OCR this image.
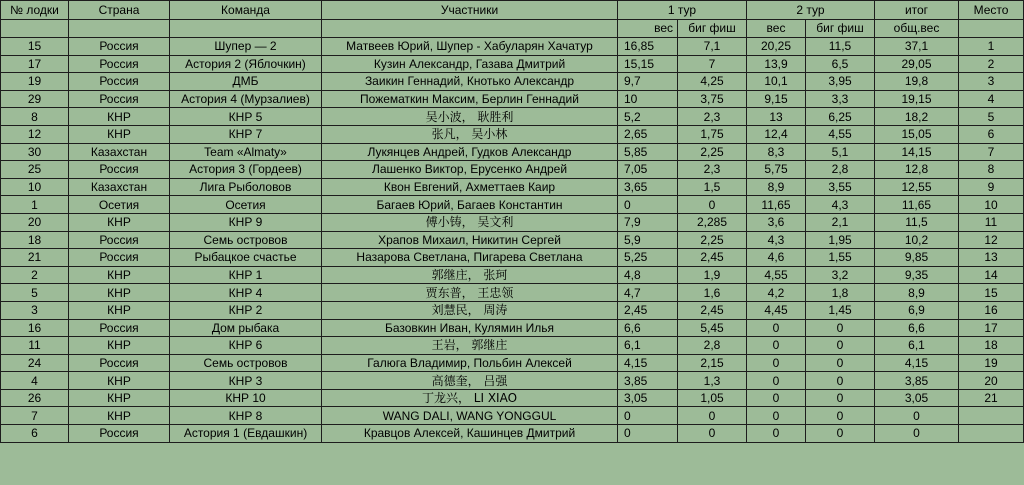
№ лодки	Страна	Команда	Участники	1 тур		2 тур		итог	Место
				вес	биг фиш	вес	биг фиш	общ.вес	
15	Россия	Шупер — 2	Матвеев Юрий, Шупер - Хабуларян Хачатур	16,85	7,1	20,25	11,5	37,1	1
17	Россия	Астория 2 (Яблочкин)	Кузин Александр, Газава Дмитрий	15,15	7	13,9	6,5	29,05	2
19	Россия	ДМБ	Заикин Геннадий, Кнотько Александр	9,7	4,25	10,1	3,95	19,8	3
29	Россия	Астория 4 (Мурзалиев)	Пожематкин Максим, Берлин Геннадий	10	3,75	9,15	3,3	19,15	4
8	КНР	КНР 5	吴小波， 耿胜利	5,2	2,3	13	6,25	18,2	5
12	КНР	КНР 7	张凡， 吴小林	2,65	1,75	12,4	4,55	15,05	6
30	Казахстан	Team «Almaty»	Лукянцев Андрей, Гудков Александр	5,85	2,25	8,3	5,1	14,15	7
25	Россия	Астория 3 (Гордеев)	Лашенко Виктор, Ерусенко Андрей	7,05	2,3	5,75	2,8	12,8	8
10	Казахстан	Лига Рыболовов	Квон Евгений, Ахметтаев Каир	3,65	1,5	8,9	3,55	12,55	9
1	Осетия	Осетия	Багаев Юрий, Багаев Константин	0	0	11,65	4,3	11,65	10
20	КНР	КНР 9	傅小铸， 吴文利	7,9	2,285	3,6	2,1	11,5	11
18	Россия	Семь островов	Храпов Михаил, Никитин Сергей	5,9	2,25	4,3	1,95	10,2	12
21	Россия	Рыбацкое счастье	Назарова Светлана, Пигарева Светлана	5,25	2,45	4,6	1,55	9,85	13
2	КНР	КНР 1	郭继庄， 张珂	4,8	1,9	4,55	3,2	9,35	14
5	КНР	КНР 4	贾东普， 王忠领	4,7	1,6	4,2	1,8	8,9	15
3	КНР	КНР 2	刘慧民， 周涛	2,45	2,45	4,45	1,45	6,9	16
16	Россия	Дом рыбака	Базовкин Иван, Кулямин Илья	6,6	5,45	0	0	6,6	17
11	КНР	КНР 6	王岩， 郭继庄	6,1	2,8	0	0	6,1	18
24	Россия	Семь островов	Галюга Владимир, Польбин Алексей	4,15	2,15	0	0	4,15	19
4	КНР	КНР 3	高德奎， 吕强	3,85	1,3	0	0	3,85	20
26	КНР	КНР 10	丁龙兴， LI XIAO	3,05	1,05	0	0	3,05	21
7	КНР	КНР 8	WANG DALI, WANG YONGGUL	0	0	0	0	0	
6	Россия	Астория 1 (Евдашкин)	Кравцов Алексей, Кашинцев Дмитрий	0	0	0	0	0	
